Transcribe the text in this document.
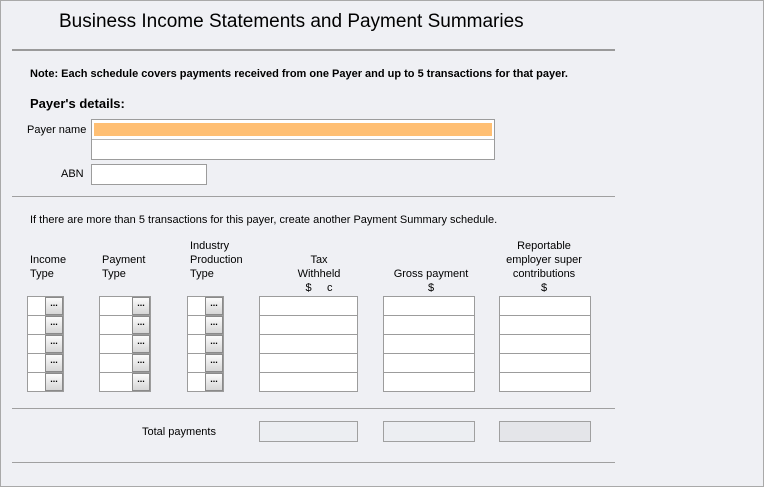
Business Income Statements and Payment Summaries
Note: Each schedule covers payments received from one Payer and up to 5 transactions for that payer.
Payer's details:
Payer name
ABN
If there are more than 5 transactions for this payer, create another Payment Summary schedule.
Income
Type
Payment
Type
Industry
Production
Type
Tax
Withheld
$     c
Gross payment
$
Reportable
employer super
contributions
$
...
...
...
...
...
...
...
...
...
...
...
...
...
...
...
Total payments
